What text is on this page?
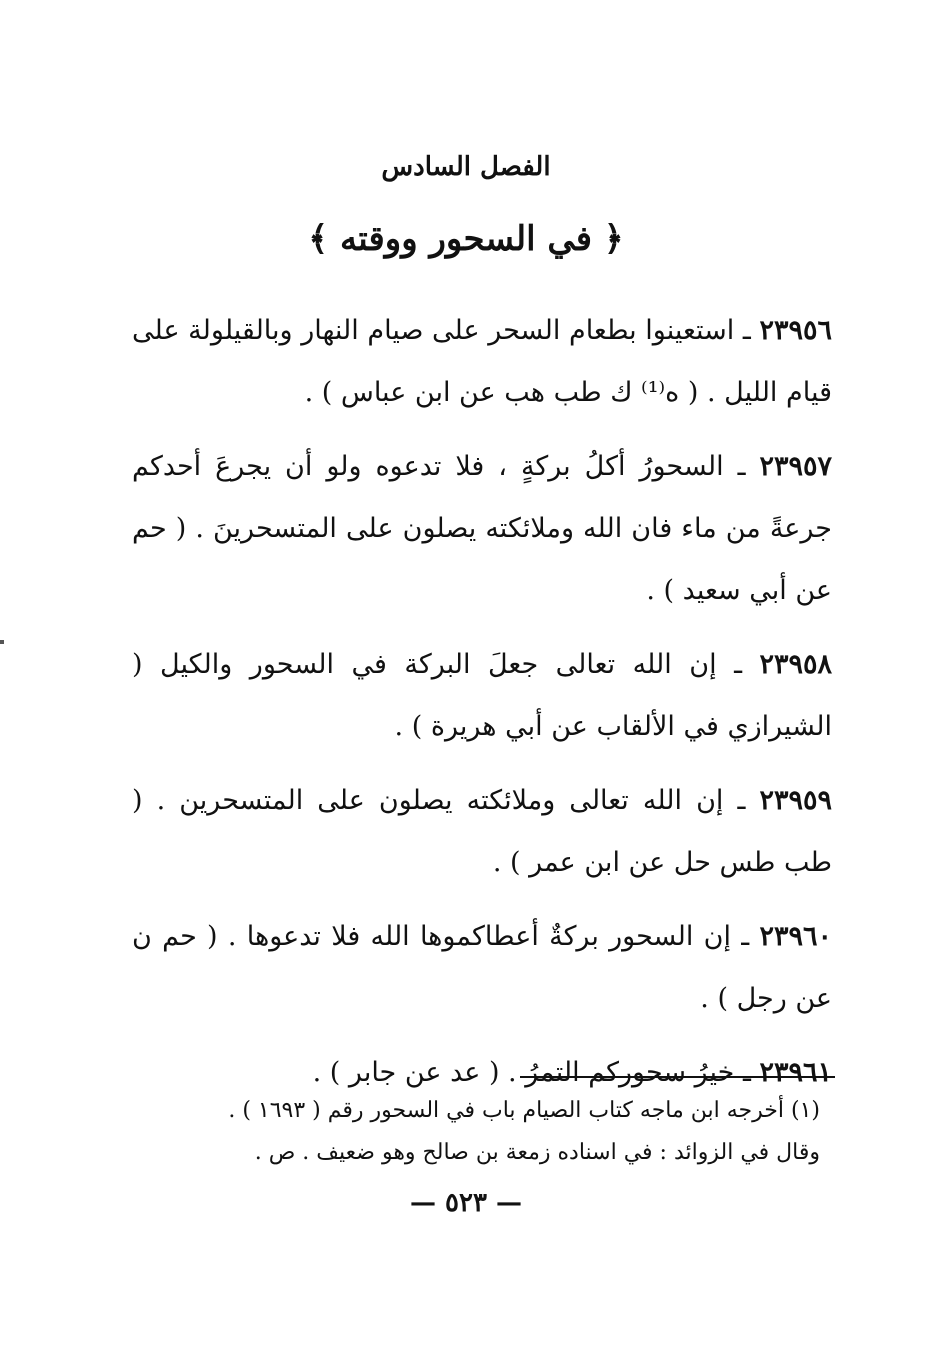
الفصل السادس
﴿ في السحور ووقته ﴾

٢٣٩٥٦ ـ استعينوا بطعام السحر على صيام النهار وبالقيلولة على قيام الليل . ( ه⁽¹⁾ ك طب هب عن ابن عباس ) .

٢٣٩٥٧ ـ السحورُ أكلُ بركةٍ ، فلا تدعوه ولو أن يجرعَ أحدكم جرعةً من ماء فان الله وملائكته يصلون على المتسحرينَ . ( حم عن أبي سعيد ) .

٢٣٩٥٨ ـ إن الله تعالى جعلَ البركة في السحور والكيل ( الشيرازي في الألقاب عن أبي هريرة ) .

٢٣٩٥٩ ـ إن الله تعالى وملائكته يصلون على المتسحرين . ( طب طس حل عن ابن عمر ) .

٢٣٩٦٠ ـ إن السحور بركةٌ أعطاكموها الله فلا تدعوها . ( حم ن عن رجل ) .

٢٣٩٦١ ـ خيرُ سحوركم التمرُ . ( عد عن جابر ) .

(١) أخرجه ابن ماجه كتاب الصيام باب في السحور رقم ( ١٦٩٣ ) .

وقال في الزوائد : في اسناده زمعة بن صالح وهو ضعيف . ص .

— ٥٢٣ —
